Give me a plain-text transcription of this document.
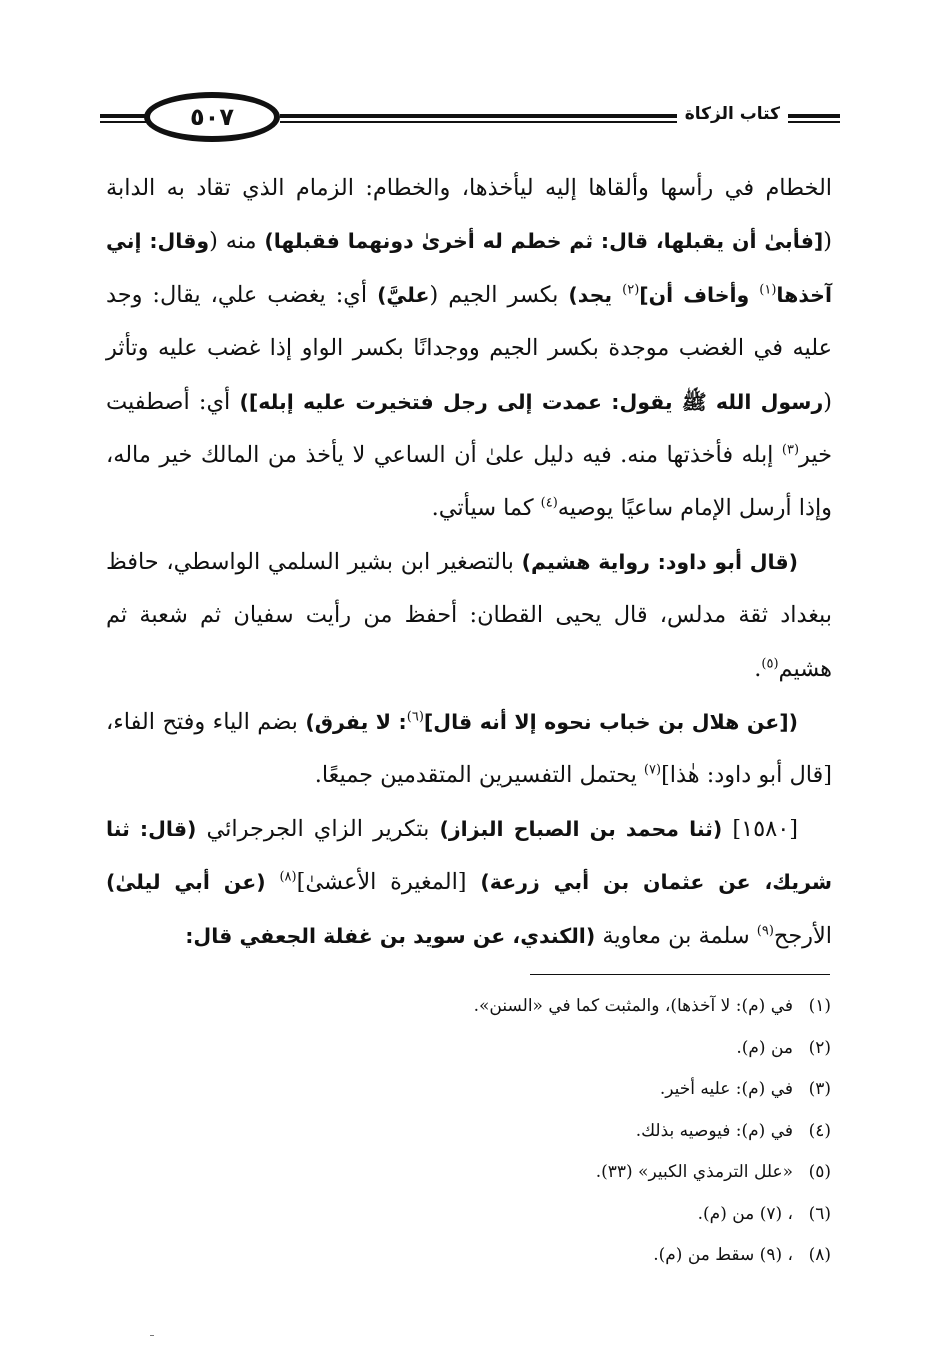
٥٠٧	كتاب الزكاة

الخطام في رأسها وألقاها إليه ليأخذها، والخطام: الزمام الذي تقاد به الدابة ([فأبىٰ أن يقبلها، قال: ثم خطم له أخرىٰ دونهما فقبلها) منه (وقال: إني آخذها$^{(١)}$ وأخاف أن]$^{(٢)}$ يجد) بكسر الجيم (عليَّ) أي: يغضب علي، يقال: وجد عليه في الغضب موجدة بكسر الجيم ووجدانًا بكسر الواو إذا غضب عليه وتأثر (رسول الله ﷺ يقول: عمدت إلى رجل فتخيرت عليه إبله]) أي: أصطفيت خير$^{(٣)}$ إبله فأخذتها منه. فيه دليل علىٰ أن الساعي لا يأخذ من المالك خير ماله، وإذا أرسل الإمام ساعيًا يوصيه$^{(٤)}$ كما سيأتي.

(قال أبو داود: رواية هشيم) بالتصغير ابن بشير السلمي الواسطي، حافظ ببغداد ثقة مدلس، قال يحيى القطان: أحفظ من رأيت سفيان ثم شعبة ثم هشيم$^{(٥)}$.

([عن هلال بن خباب نحوه إلا أنه قال]$^{(٦)}$: لا يفرق) بضم الياء وفتح الفاء، [قال أبو داود: هٰذا]$^{(٧)}$ يحتمل التفسيرين المتقدمين جميعًا.

[١٥٨٠] (ثنا محمد بن الصباح البزاز) بتكرير الزاي الجرجرائي (قال: ثنا شريك، عن عثمان بن أبي زرعة) [المغيرة الأعشىٰ]$^{(٨)}$ (عن أبي ليلىٰ) الأرجح$^{(٩)}$ سلمة بن معاوية (الكندي، عن سويد بن غفلة الجعفي قال:

(١)في (م): لا آخذها)، والمثبت كما في «السنن».
(٢)من (م).
(٣)في (م): عليه أخير.
(٤)في (م): فيوصيه بذلك.
(٥)«علل الترمذي الكبير» (٣٣).
(٦)، (٧) من (م).
(٨)، (٩) سقط من (م).
